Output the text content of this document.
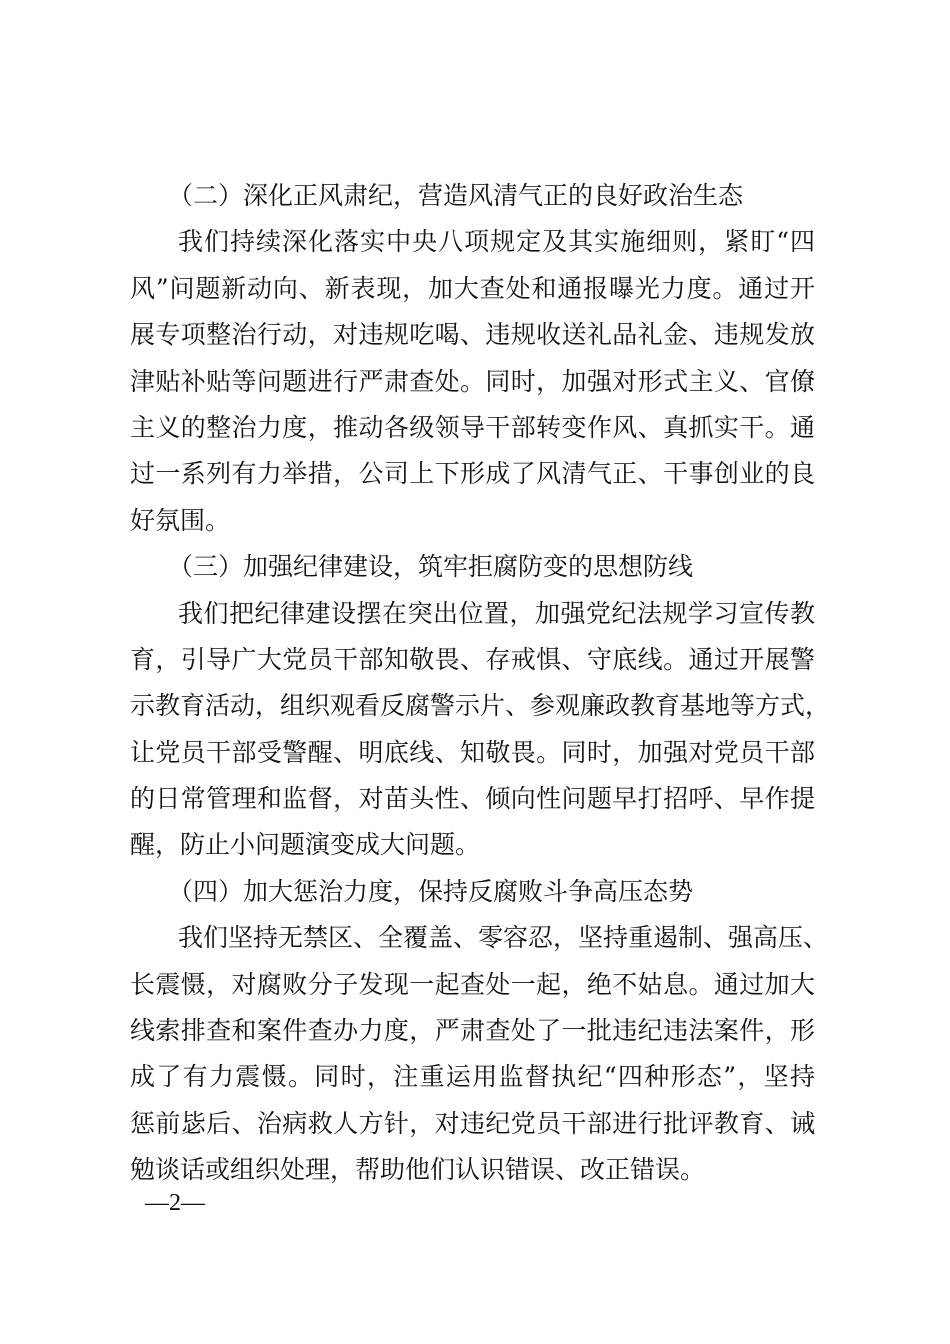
（二）深化正风肃纪，营造风清气正的良好政治生态
我们持续深化落实中央八项规定及其实施细则，紧盯“四
风”问题新动向、新表现，加大查处和通报曝光力度。通过开
展专项整治行动，对违规吃喝、违规收送礼品礼金、违规发放
津贴补贴等问题进行严肃查处。同时，加强对形式主义、官僚
主义的整治力度，推动各级领导干部转变作风、真抓实干。通
过一系列有力举措，公司上下形成了风清气正、干事创业的良
好氛围。
（三）加强纪律建设，筑牢拒腐防变的思想防线
我们把纪律建设摆在突出位置，加强党纪法规学习宣传教
育，引导广大党员干部知敬畏、存戒惧、守底线。通过开展警
示教育活动，组织观看反腐警示片、参观廉政教育基地等方式，
让党员干部受警醒、明底线、知敬畏。同时，加强对党员干部
的日常管理和监督，对苗头性、倾向性问题早打招呼、早作提
醒，防止小问题演变成大问题。
（四）加大惩治力度，保持反腐败斗争高压态势
我们坚持无禁区、全覆盖、零容忍，坚持重遏制、强高压、
长震慑，对腐败分子发现一起查处一起，绝不姑息。通过加大
线索排查和案件查办力度，严肃查处了一批违纪违法案件，形
成了有力震慑。同时，注重运用监督执纪“四种形态”，坚持
惩前毖后、治病救人方针，对违纪党员干部进行批评教育、诫
勉谈话或组织处理，帮助他们认识错误、改正错误。
—2—
